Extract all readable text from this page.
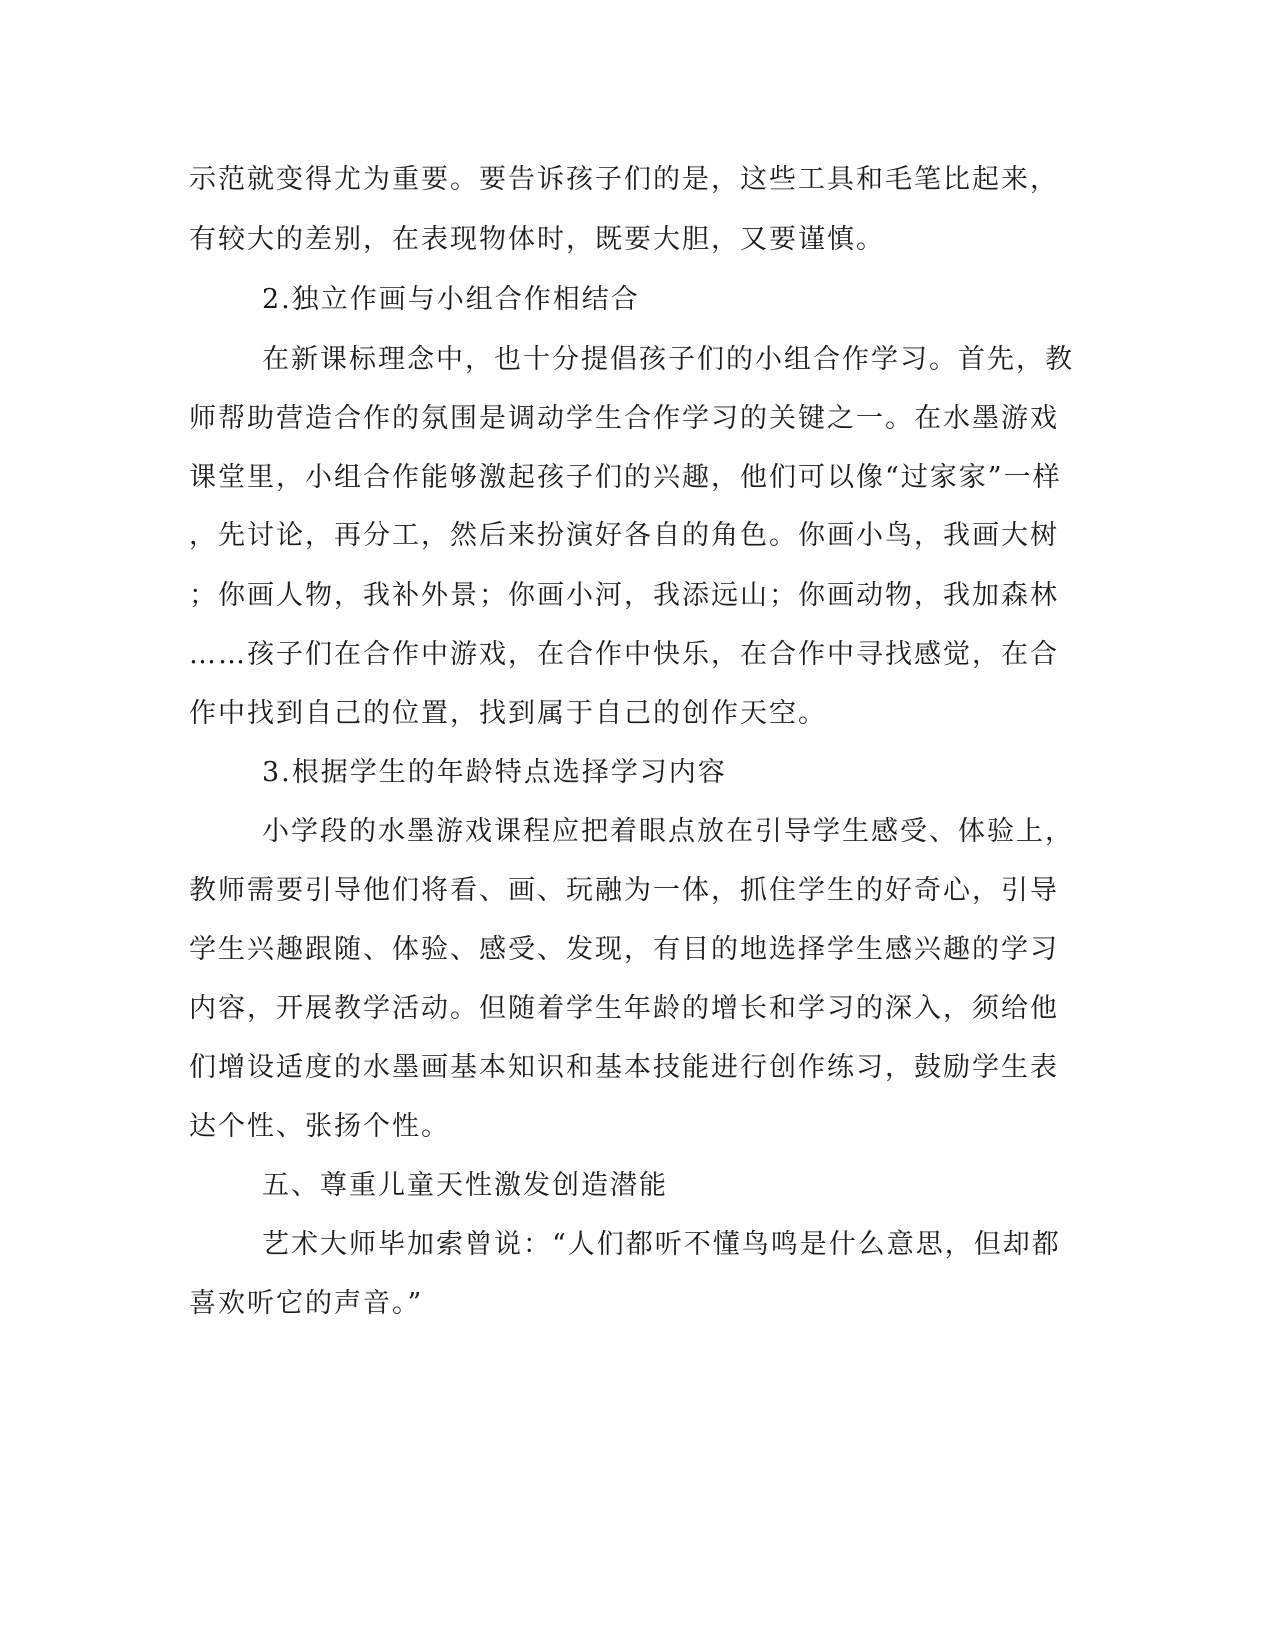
示范就变得尤为重要。要告诉孩子们的是，这些工具和毛笔比起来，
有较大的差别，在表现物体时，既要大胆，又要谨慎。
2.独立作画与小组合作相结合
在新课标理念中，也十分提倡孩子们的小组合作学习。首先，教
师帮助营造合作的氛围是调动学生合作学习的关键之一。在水墨游戏
课堂里，小组合作能够激起孩子们的兴趣，他们可以像“过家家”一样
，先讨论，再分工，然后来扮演好各自的角色。你画小鸟，我画大树
；你画人物，我补外景；你画小河，我添远山；你画动物，我加森林
……孩子们在合作中游戏，在合作中快乐，在合作中寻找感觉，在合
作中找到自己的位置，找到属于自己的创作天空。
3.根据学生的年龄特点选择学习内容
小学段的水墨游戏课程应把着眼点放在引导学生感受、体验上，
教师需要引导他们将看、画、玩融为一体，抓住学生的好奇心，引导
学生兴趣跟随、体验、感受、发现，有目的地选择学生感兴趣的学习
内容，开展教学活动。但随着学生年龄的增长和学习的深入，须给他
们增设适度的水墨画基本知识和基本技能进行创作练习，鼓励学生表
达个性、张扬个性。
五、尊重儿童天性激发创造潜能
艺术大师毕加索曾说：“人们都听不懂鸟鸣是什么意思，但却都
喜欢听它的声音。”
